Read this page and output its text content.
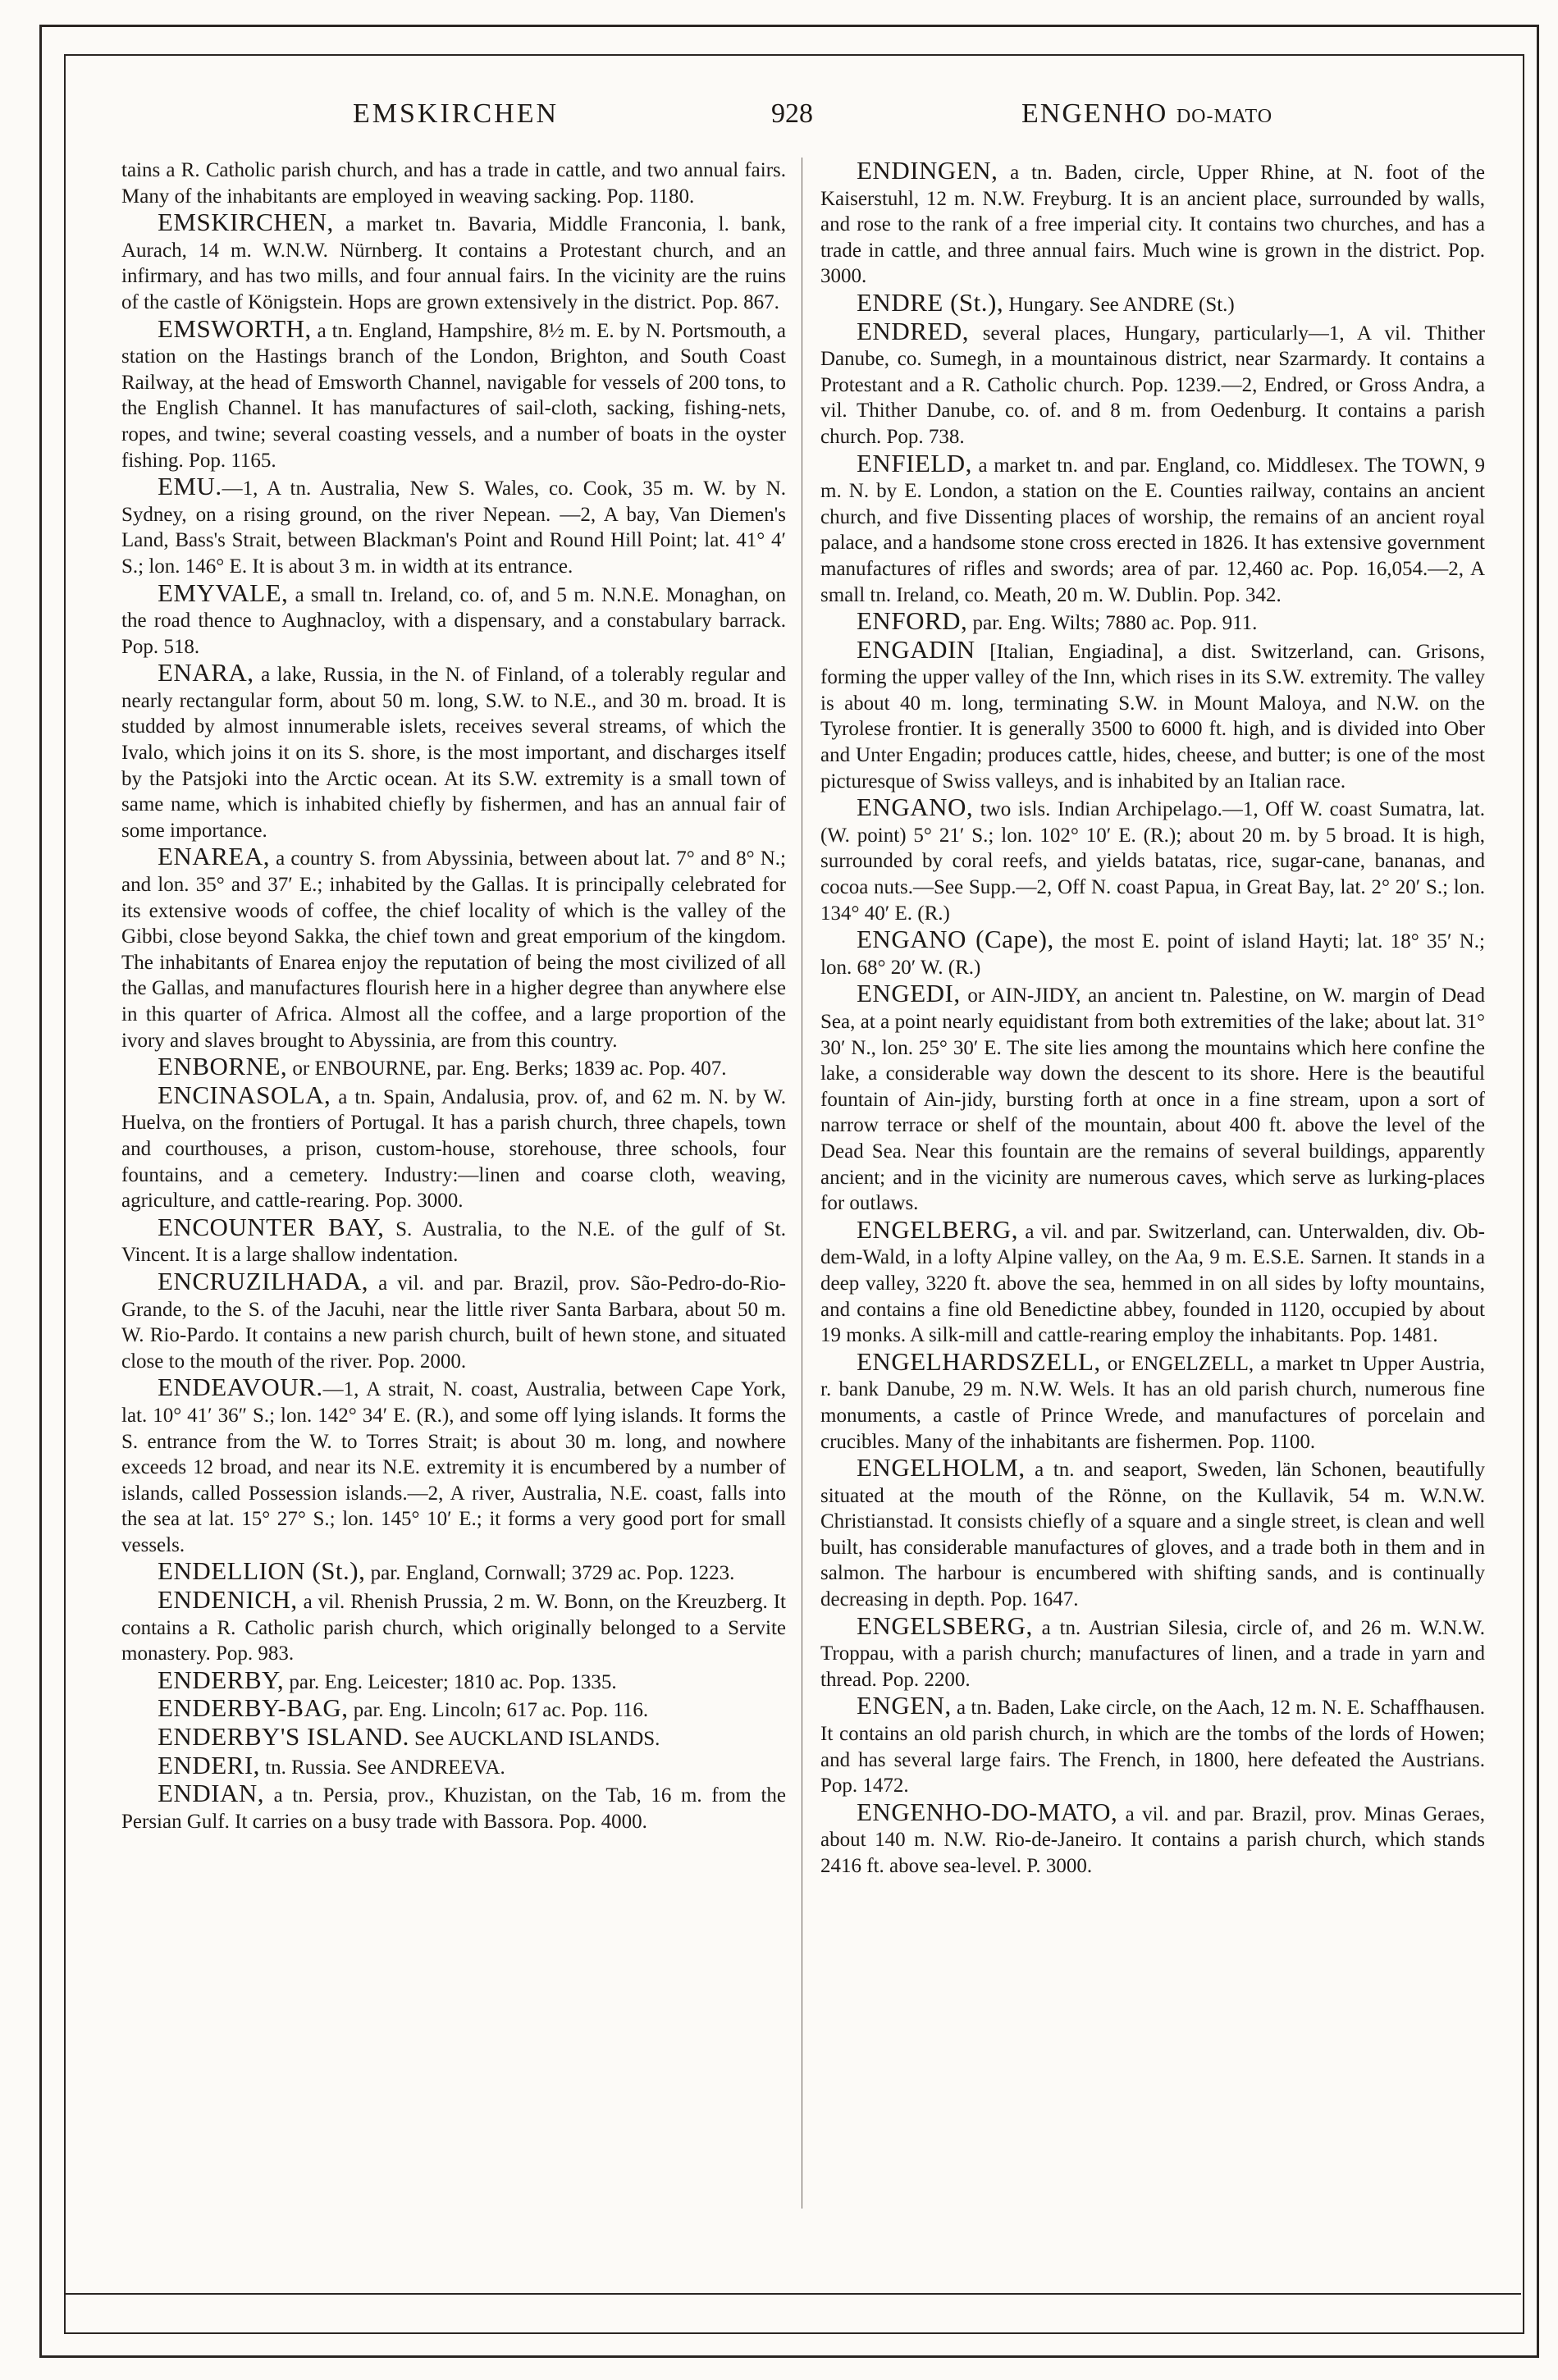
EMSKIRCHEN	928	ENGENHO DO-MATO

tains a R. Catholic parish church, and has a trade in cattle, and two annual fairs. Many of the inhabitants are employed in weaving sacking. Pop. 1180.

EMSKIRCHEN, a market tn. Bavaria, Middle Franconia, l. bank, Aurach, 14 m. W.N.W. Nürnberg. It contains a Protestant church, and an infirmary, and has two mills, and four annual fairs. In the vicinity are the ruins of the castle of Königstein. Hops are grown extensively in the district. Pop. 867.

EMSWORTH, a tn. England, Hampshire, 8½ m. E. by N. Portsmouth, a station on the Hastings branch of the London, Brighton, and South Coast Railway, at the head of Emsworth Channel, navigable for vessels of 200 tons, to the English Channel. It has manufactures of sail-cloth, sacking, fishing-nets, ropes, and twine; several coasting vessels, and a number of boats in the oyster fishing. Pop. 1165.

EMU.—1, A tn. Australia, New S. Wales, co. Cook, 35 m. W. by N. Sydney, on a rising ground, on the river Nepean. —2, A bay, Van Diemen's Land, Bass's Strait, between Blackman's Point and Round Hill Point; lat. 41° 4′ S.; lon. 146° E. It is about 3 m. in width at its entrance.

EMYVALE, a small tn. Ireland, co. of, and 5 m. N.N.E. Monaghan, on the road thence to Aughnacloy, with a dispensary, and a constabulary barrack. Pop. 518.

ENARA, a lake, Russia, in the N. of Finland, of a tolerably regular and nearly rectangular form, about 50 m. long, S.W. to N.E., and 30 m. broad. It is studded by almost innumerable islets, receives several streams, of which the Ivalo, which joins it on its S. shore, is the most important, and discharges itself by the Patsjoki into the Arctic ocean. At its S.W. extremity is a small town of same name, which is inhabited chiefly by fishermen, and has an annual fair of some importance.

ENAREA, a country S. from Abyssinia, between about lat. 7° and 8° N.; and lon. 35° and 37′ E.; inhabited by the Gallas. It is principally celebrated for its extensive woods of coffee, the chief locality of which is the valley of the Gibbi, close beyond Sakka, the chief town and great emporium of the kingdom. The inhabitants of Enarea enjoy the reputation of being the most civilized of all the Gallas, and manufactures flourish here in a higher degree than anywhere else in this quarter of Africa. Almost all the coffee, and a large proportion of the ivory and slaves brought to Abyssinia, are from this country.

ENBORNE, or ENBOURNE, par. Eng. Berks; 1839 ac. Pop. 407.

ENCINASOLA, a tn. Spain, Andalusia, prov. of, and 62 m. N. by W. Huelva, on the frontiers of Portugal. It has a parish church, three chapels, town and courthouses, a prison, custom-house, storehouse, three schools, four fountains, and a cemetery. Industry:—linen and coarse cloth, weaving, agriculture, and cattle-rearing. Pop. 3000.

ENCOUNTER BAY, S. Australia, to the N.E. of the gulf of St. Vincent. It is a large shallow indentation.

ENCRUZILHADA, a vil. and par. Brazil, prov. São-Pedro-do-Rio-Grande, to the S. of the Jacuhi, near the little river Santa Barbara, about 50 m. W. Rio-Pardo. It contains a new parish church, built of hewn stone, and situated close to the mouth of the river. Pop. 2000.

ENDEAVOUR.—1, A strait, N. coast, Australia, between Cape York, lat. 10° 41′ 36″ S.; lon. 142° 34′ E. (R.), and some off lying islands. It forms the S. entrance from the W. to Torres Strait; is about 30 m. long, and nowhere exceeds 12 broad, and near its N.E. extremity it is encumbered by a number of islands, called Possession islands.—2, A river, Australia, N.E. coast, falls into the sea at lat. 15° 27° S.; lon. 145° 10′ E.; it forms a very good port for small vessels.

ENDELLION (St.), par. England, Cornwall; 3729 ac. Pop. 1223.

ENDENICH, a vil. Rhenish Prussia, 2 m. W. Bonn, on the Kreuzberg. It contains a R. Catholic parish church, which originally belonged to a Servite monastery. Pop. 983.

ENDERBY, par. Eng. Leicester; 1810 ac. Pop. 1335.

ENDERBY-BAG, par. Eng. Lincoln; 617 ac. Pop. 116.

ENDERBY'S ISLAND. See AUCKLAND ISLANDS.

ENDERI, tn. Russia. See ANDREEVA.

ENDIAN, a tn. Persia, prov., Khuzistan, on the Tab, 16 m. from the Persian Gulf. It carries on a busy trade with Bassora. Pop. 4000.

ENDINGEN, a tn. Baden, circle, Upper Rhine, at N. foot of the Kaiserstuhl, 12 m. N.W. Freyburg. It is an ancient place, surrounded by walls, and rose to the rank of a free imperial city. It contains two churches, and has a trade in cattle, and three annual fairs. Much wine is grown in the district. Pop. 3000.

ENDRE (St.), Hungary. See ANDRE (St.)

ENDRED, several places, Hungary, particularly—1, A vil. Thither Danube, co. Sumegh, in a mountainous district, near Szarmardy. It contains a Protestant and a R. Catholic church. Pop. 1239.—2, Endred, or Gross Andra, a vil. Thither Danube, co. of. and 8 m. from Oedenburg. It contains a parish church. Pop. 738.

ENFIELD, a market tn. and par. England, co. Middlesex. The TOWN, 9 m. N. by E. London, a station on the E. Counties railway, contains an ancient church, and five Dissenting places of worship, the remains of an ancient royal palace, and a handsome stone cross erected in 1826. It has extensive government manufactures of rifles and swords; area of par. 12,460 ac. Pop. 16,054.—2, A small tn. Ireland, co. Meath, 20 m. W. Dublin. Pop. 342.

ENFORD, par. Eng. Wilts; 7880 ac. Pop. 911.

ENGADIN [Italian, Engiadina], a dist. Switzerland, can. Grisons, forming the upper valley of the Inn, which rises in its S.W. extremity. The valley is about 40 m. long, terminating S.W. in Mount Maloya, and N.W. on the Tyrolese frontier. It is generally 3500 to 6000 ft. high, and is divided into Ober and Unter Engadin; produces cattle, hides, cheese, and butter; is one of the most picturesque of Swiss valleys, and is inhabited by an Italian race.

ENGANO, two isls. Indian Archipelago.—1, Off W. coast Sumatra, lat. (W. point) 5° 21′ S.; lon. 102° 10′ E. (R.); about 20 m. by 5 broad. It is high, surrounded by coral reefs, and yields batatas, rice, sugar-cane, bananas, and cocoa nuts.—See Supp.—2, Off N. coast Papua, in Great Bay, lat. 2° 20′ S.; lon. 134° 40′ E. (R.)

ENGANO (Cape), the most E. point of island Hayti; lat. 18° 35′ N.; lon. 68° 20′ W. (R.)

ENGEDI, or AIN-JIDY, an ancient tn. Palestine, on W. margin of Dead Sea, at a point nearly equidistant from both extremities of the lake; about lat. 31° 30′ N., lon. 25° 30′ E. The site lies among the mountains which here confine the lake, a considerable way down the descent to its shore. Here is the beautiful fountain of Ain-jidy, bursting forth at once in a fine stream, upon a sort of narrow terrace or shelf of the mountain, about 400 ft. above the level of the Dead Sea. Near this fountain are the remains of several buildings, apparently ancient; and in the vicinity are numerous caves, which serve as lurking-places for outlaws.

ENGELBERG, a vil. and par. Switzerland, can. Unterwalden, div. Ob-dem-Wald, in a lofty Alpine valley, on the Aa, 9 m. E.S.E. Sarnen. It stands in a deep valley, 3220 ft. above the sea, hemmed in on all sides by lofty mountains, and contains a fine old Benedictine abbey, founded in 1120, occupied by about 19 monks. A silk-mill and cattle-rearing employ the inhabitants. Pop. 1481.

ENGELHARDSZELL, or ENGELZELL, a market tn Upper Austria, r. bank Danube, 29 m. N.W. Wels. It has an old parish church, numerous fine monuments, a castle of Prince Wrede, and manufactures of porcelain and crucibles. Many of the inhabitants are fishermen. Pop. 1100.

ENGELHOLM, a tn. and seaport, Sweden, län Schonen, beautifully situated at the mouth of the Rönne, on the Kullavik, 54 m. W.N.W. Christianstad. It consists chiefly of a square and a single street, is clean and well built, has considerable manufactures of gloves, and a trade both in them and in salmon. The harbour is encumbered with shifting sands, and is continually decreasing in depth. Pop. 1647.

ENGELSBERG, a tn. Austrian Silesia, circle of, and 26 m. W.N.W. Troppau, with a parish church; manufactures of linen, and a trade in yarn and thread. Pop. 2200.

ENGEN, a tn. Baden, Lake circle, on the Aach, 12 m. N. E. Schaffhausen. It contains an old parish church, in which are the tombs of the lords of Howen; and has several large fairs. The French, in 1800, here defeated the Austrians. Pop. 1472.

ENGENHO-DO-MATO, a vil. and par. Brazil, prov. Minas Geraes, about 140 m. N.W. Rio-de-Janeiro. It contains a parish church, which stands 2416 ft. above sea-level. P. 3000.
